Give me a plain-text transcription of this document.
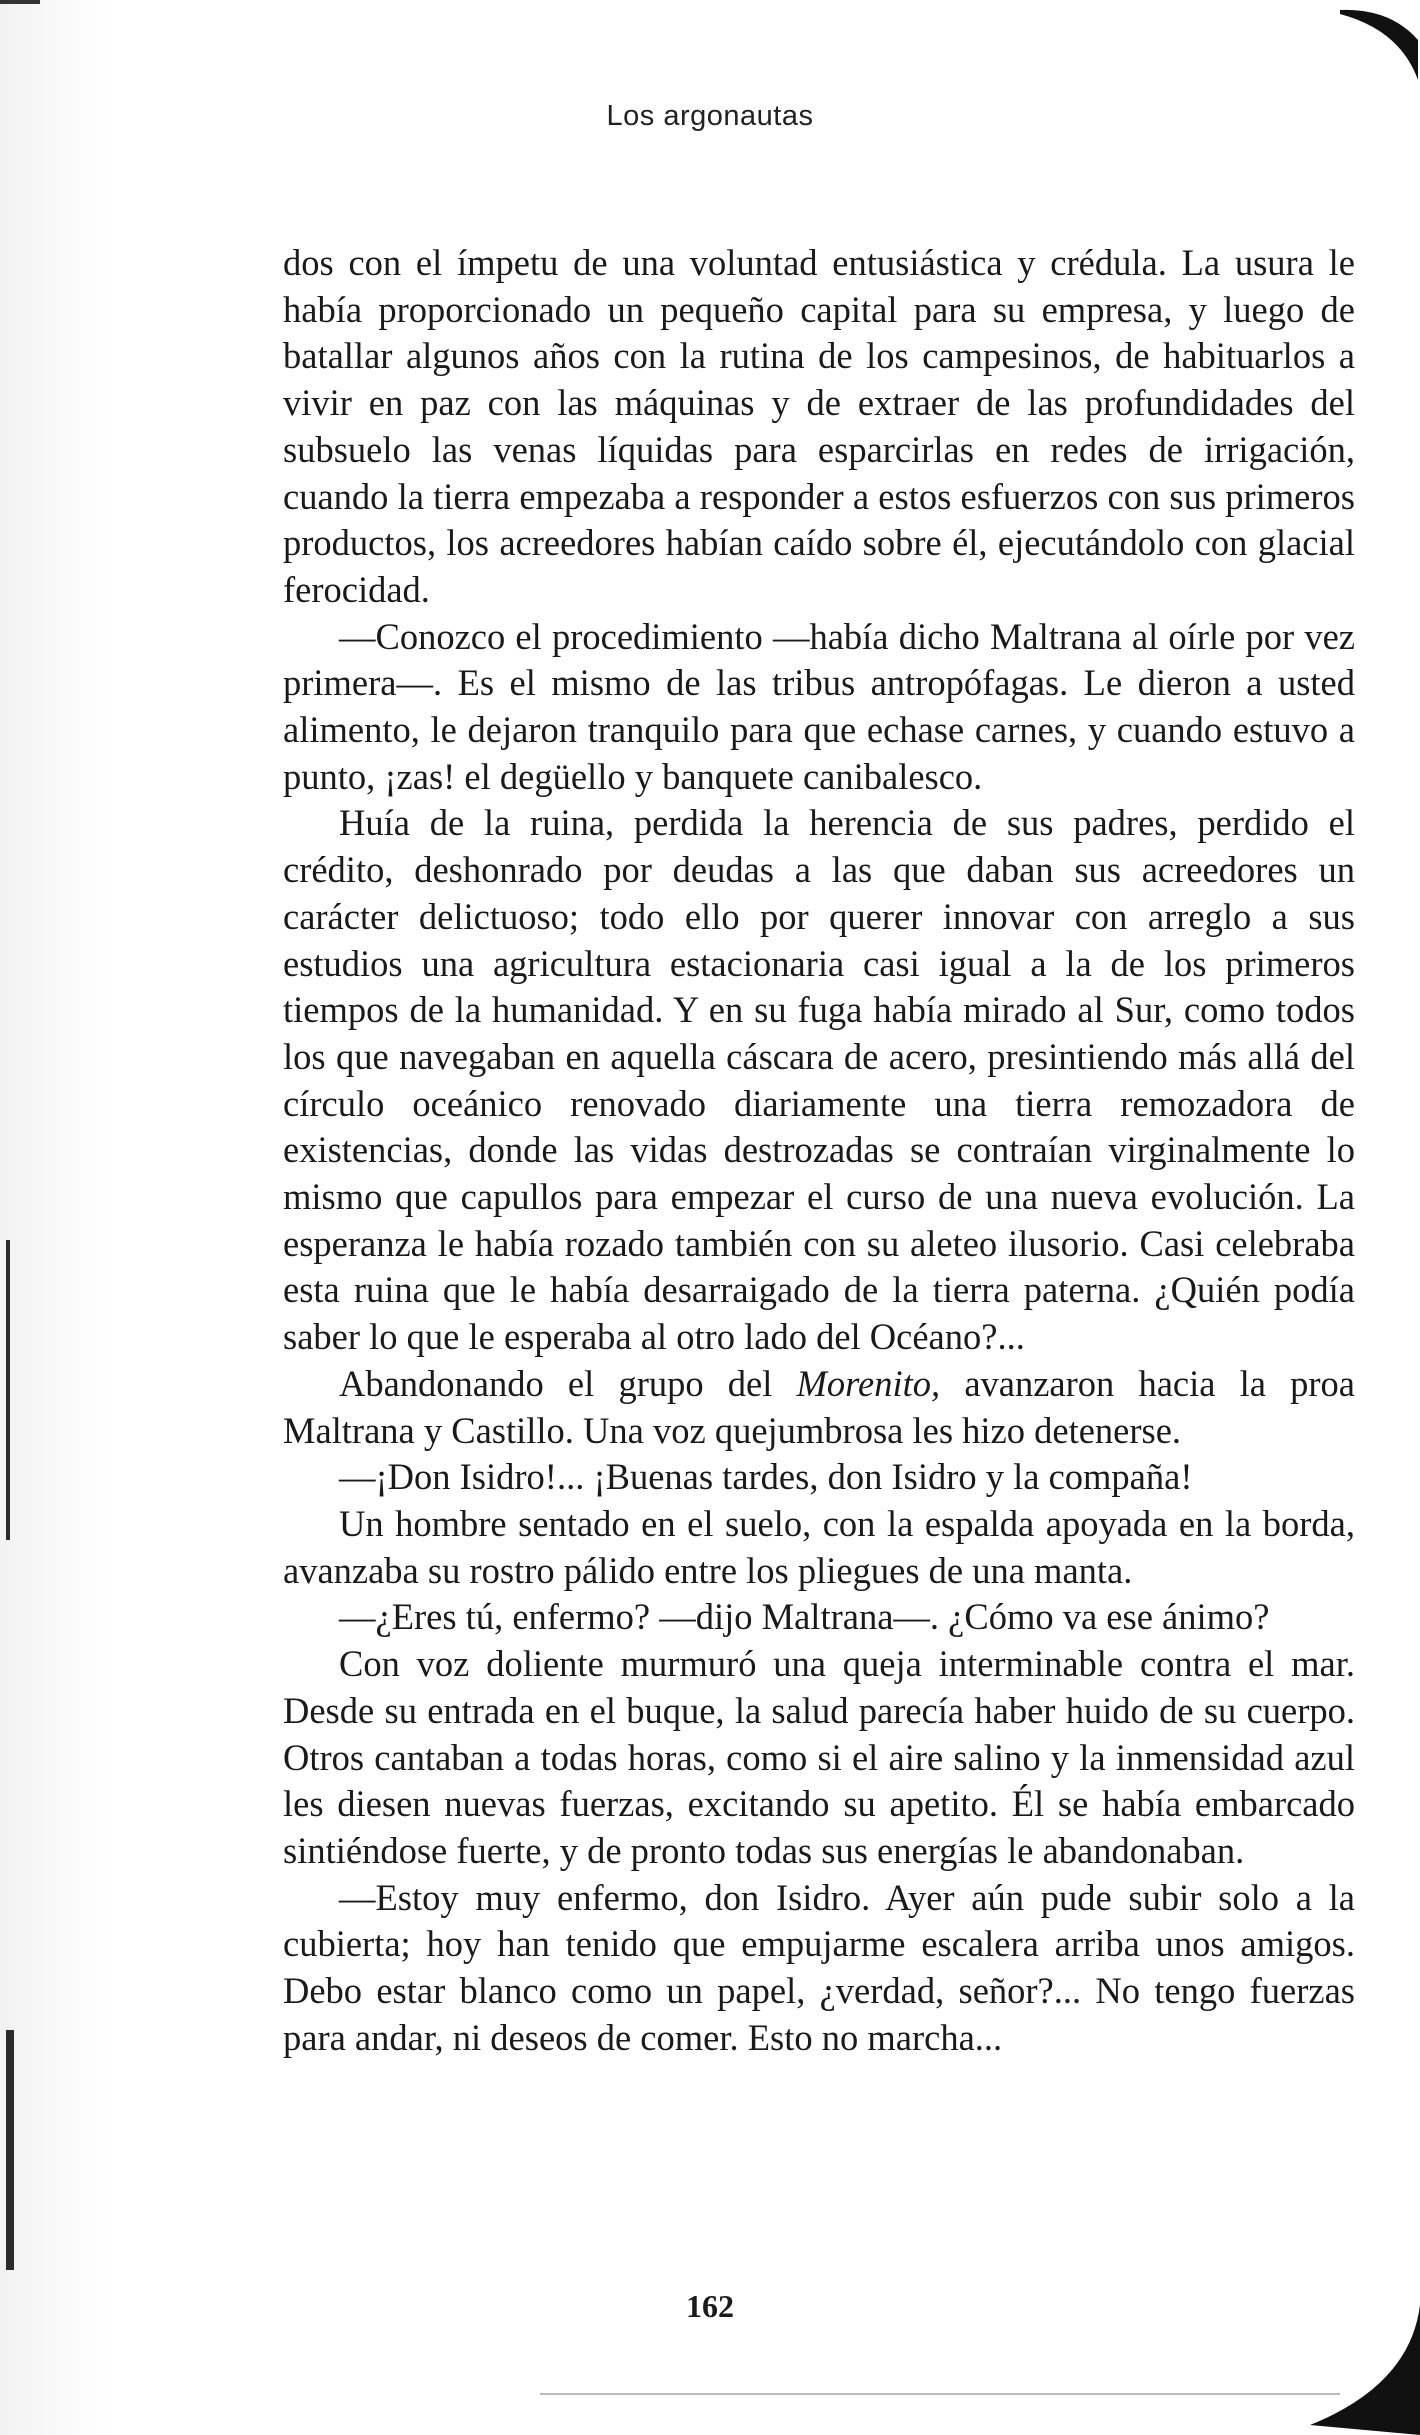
Los argonautas

dos con el ímpetu de una voluntad entusiástica y crédula. La usura le había proporcionado un pequeño capital para su empresa, y luego de batallar algunos años con la rutina de los campesinos, de habituarlos a vivir en paz con las máquinas y de extraer de las profundidades del subsuelo las venas líquidas para esparcirlas en redes de irrigación, cuando la tierra empezaba a responder a estos esfuerzos con sus primeros productos, los acreedores habían caído sobre él, ejecutándolo con glacial ferocidad.

—Conozco el procedimiento —había dicho Maltrana al oírle por vez primera—. Es el mismo de las tribus antropófagas. Le dieron a usted alimento, le dejaron tranquilo para que echase carnes, y cuando estuvo a punto, ¡zas! el degüello y banquete canibalesco.

Huía de la ruina, perdida la herencia de sus padres, perdido el crédito, deshonrado por deudas a las que daban sus acreedores un carácter delictuoso; todo ello por querer innovar con arreglo a sus estudios una agricultura estacionaria casi igual a la de los primeros tiempos de la humanidad. Y en su fuga había mirado al Sur, como todos los que navegaban en aquella cáscara de acero, presintiendo más allá del círculo oceánico renovado diariamente una tierra remozadora de existencias, donde las vidas destrozadas se contraían virginalmente lo mismo que capullos para empezar el curso de una nueva evolución. La esperanza le había rozado también con su aleteo ilusorio. Casi celebraba esta ruina que le había desarraigado de la tierra paterna. ¿Quién podía saber lo que le esperaba al otro lado del Océano?...

Abandonando el grupo del Morenito, avanzaron hacia la proa Maltrana y Castillo. Una voz quejumbrosa les hizo detenerse.

—¡Don Isidro!... ¡Buenas tardes, don Isidro y la compaña!

Un hombre sentado en el suelo, con la espalda apoyada en la borda, avanzaba su rostro pálido entre los pliegues de una manta.

—¿Eres tú, enfermo? —dijo Maltrana—. ¿Cómo va ese ánimo?

Con voz doliente murmuró una queja interminable contra el mar. Desde su entrada en el buque, la salud parecía haber huido de su cuerpo. Otros cantaban a todas horas, como si el aire salino y la inmensidad azul les diesen nuevas fuerzas, excitando su apetito. Él se había embarcado sintiéndose fuerte, y de pronto todas sus energías le abandonaban.

—Estoy muy enfermo, don Isidro. Ayer aún pude subir solo a la cubierta; hoy han tenido que empujarme escalera arriba unos amigos. Debo estar blanco como un papel, ¿verdad, señor?... No tengo fuerzas para andar, ni deseos de comer. Esto no marcha...

162
